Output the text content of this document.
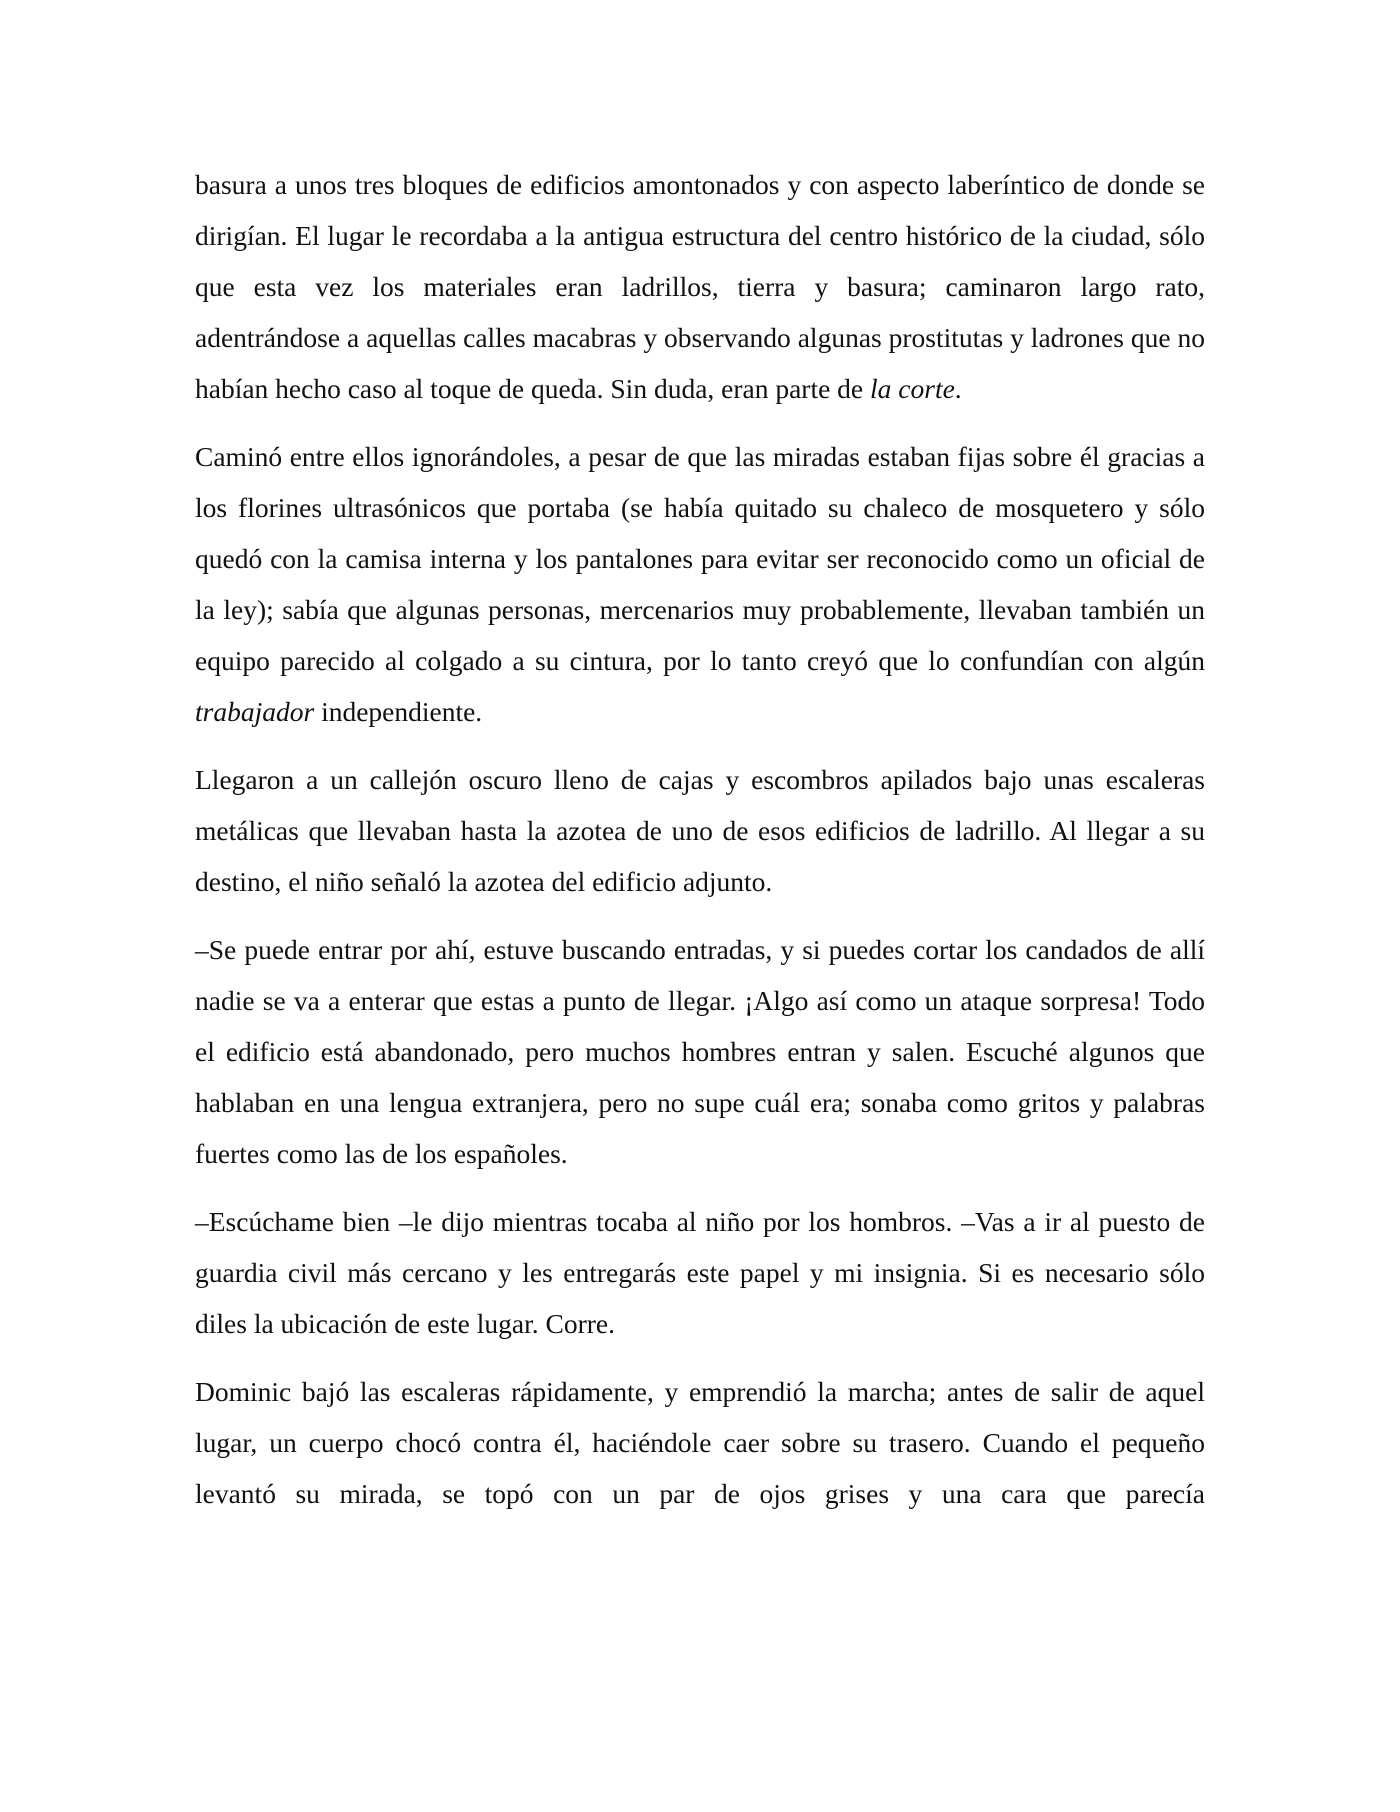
basura a unos tres bloques de edificios amontonados y con aspecto laberíntico de donde se dirigían. El lugar le recordaba a la antigua estructura del centro histórico de la ciudad, sólo que esta vez los materiales eran ladrillos, tierra y basura; caminaron largo rato, adentrándose a aquellas calles macabras y observando algunas prostitutas y ladrones que no habían hecho caso al toque de queda. Sin duda, eran parte de la corte.

Caminó entre ellos ignorándoles, a pesar de que las miradas estaban fijas sobre él gracias a los florines ultrasónicos que portaba (se había quitado su chaleco de mosquetero y sólo quedó con la camisa interna y los pantalones para evitar ser reconocido como un oficial de la ley); sabía que algunas personas, mercenarios muy probablemente, llevaban también un equipo parecido al colgado a su cintura, por lo tanto creyó que lo confundían con algún trabajador independiente.

Llegaron a un callejón oscuro lleno de cajas y escombros apilados bajo unas escaleras metálicas que llevaban hasta la azotea de uno de esos edificios de ladrillo. Al llegar a su destino, el niño señaló la azotea del edificio adjunto.

–Se puede entrar por ahí, estuve buscando entradas, y si puedes cortar los candados de allí nadie se va a enterar que estas a punto de llegar. ¡Algo así como un ataque sorpresa! Todo el edificio está abandonado, pero muchos hombres entran y salen. Escuché algunos que hablaban en una lengua extranjera, pero no supe cuál era; sonaba como gritos y palabras fuertes como las de los españoles.

–Escúchame bien –le dijo mientras tocaba al niño por los hombros. –Vas a ir al puesto de guardia civil más cercano y les entregarás este papel y mi insignia. Si es necesario sólo diles la ubicación de este lugar. Corre.

Dominic bajó las escaleras rápidamente, y emprendió la marcha; antes de salir de aquel lugar, un cuerpo chocó contra él, haciéndole caer sobre su trasero. Cuando el pequeño levantó su mirada, se topó con un par de ojos grises y una cara que parecía
